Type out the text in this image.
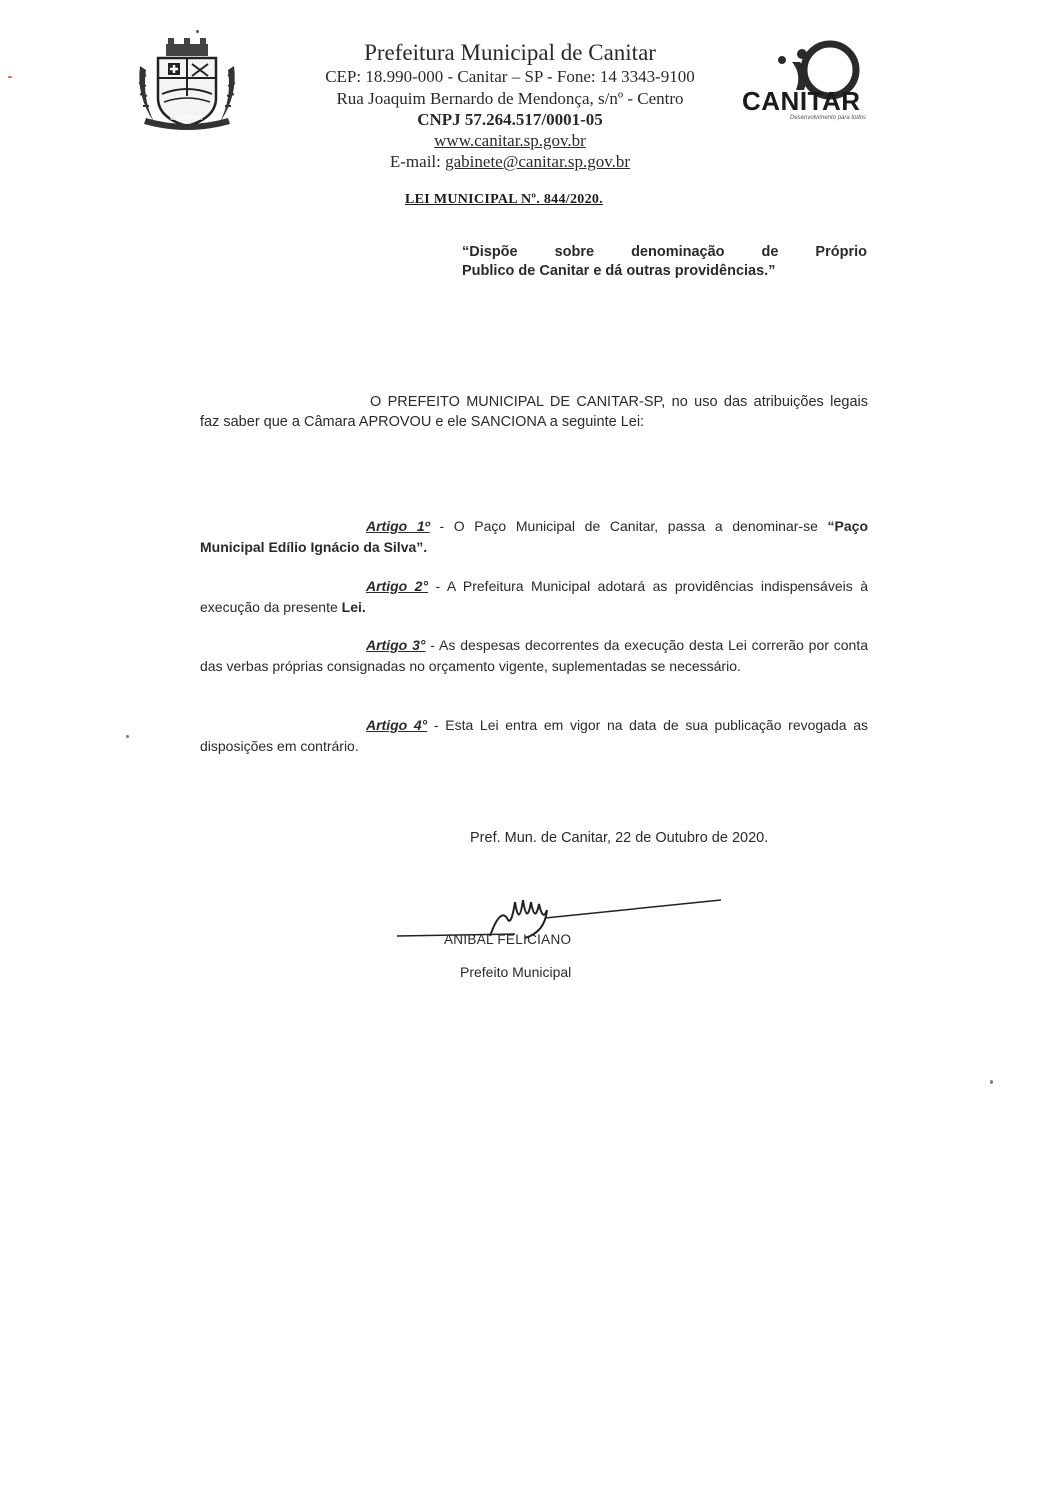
CANITAR
Prefeitura Municipal de Canitar
CEP: 18.990-000 - Canitar – SP - Fone: 14 3343-9100
Rua Joaquim Bernardo de Mendonça, s/nº - Centro
CNPJ 57.264.517/0001-05
www.canitar.sp.gov.br
E-mail: gabinete@canitar.sp.gov.br
CANITAR
Desenvolvimento para todos
LEI MUNICIPAL Nº. 844/2020.
“Dispõe	sobre	denominação	de	Próprio
Publico de Canitar e dá outras providências.”
O PREFEITO MUNICIPAL DE CANITAR-SP, no uso das atribuições legais faz saber que a Câmara APROVOU e ele SANCIONA a seguinte Lei:
Artigo 1º - O Paço Municipal de Canitar, passa a denominar-se “Paço Municipal Edílio Ignácio da Silva”.
Artigo 2° - A Prefeitura Municipal adotará as providências indispensáveis à execução da presente Lei.
Artigo 3° - As despesas decorrentes da execução desta Lei correrão por conta das verbas próprias consignadas no orçamento vigente, suplementadas se necessário.
Artigo 4° - Esta Lei entra em vigor na data de sua publicação revogada as disposições em contrário.
Pref. Mun. de Canitar, 22 de Outubro de 2020.
ANIBAL FELICIANO
Prefeito Municipal
